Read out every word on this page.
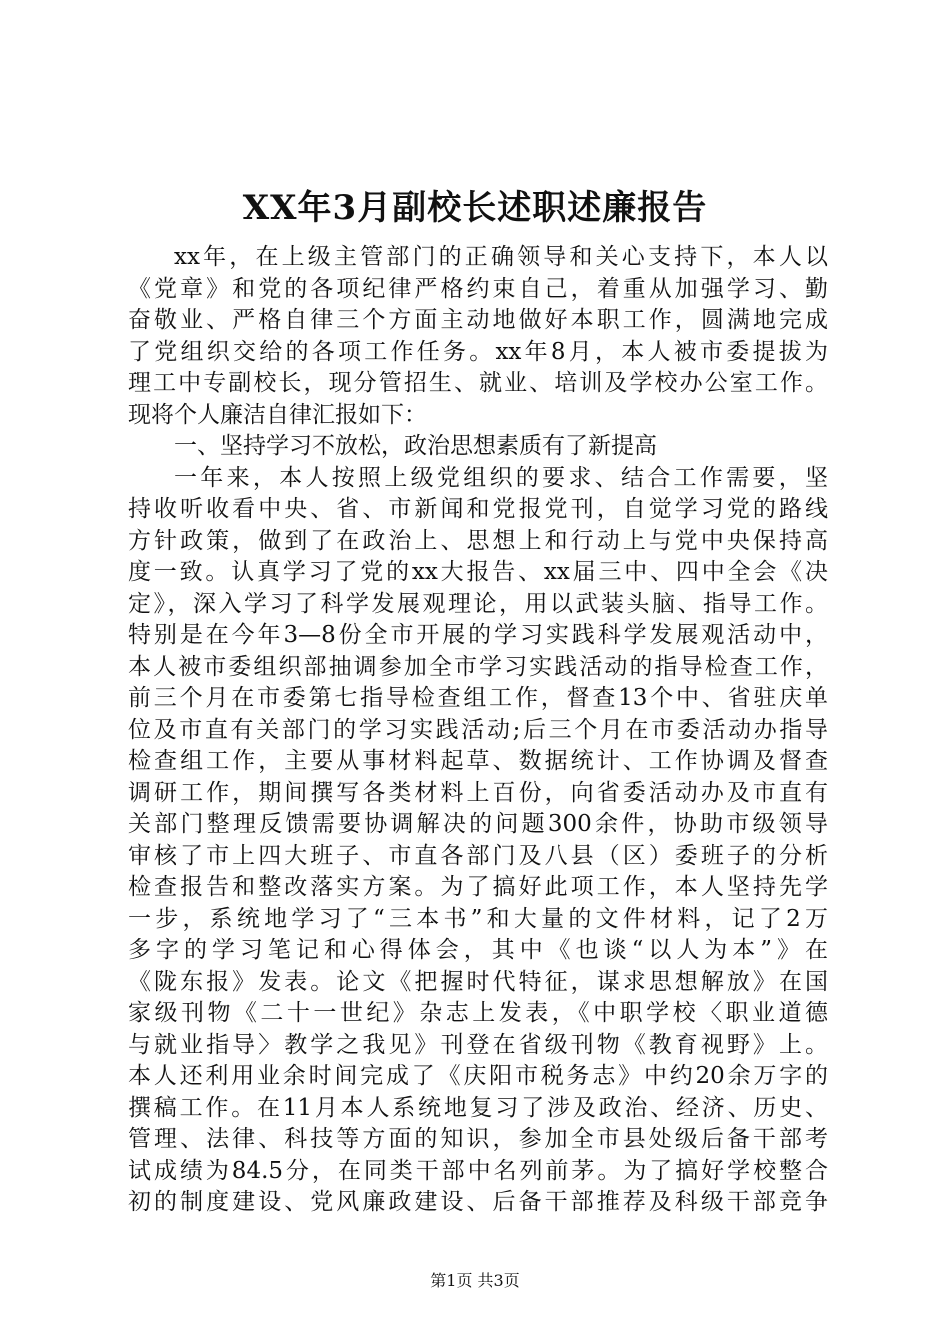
XX年3月副校长述职述廉报告
xx年，在上级主管部门的正确领导和关心支持下，本人以
《党章》和党的各项纪律严格约束自己，着重从加强学习、勤
奋敬业、严格自律三个方面主动地做好本职工作，圆满地完成
了党组织交给的各项工作任务。xx年8月，本人被市委提拔为
理工中专副校长，现分管招生、就业、培训及学校办公室工作。
现将个人廉洁自律汇报如下：
一、坚持学习不放松，政治思想素质有了新提高
一年来，本人按照上级党组织的要求、结合工作需要，坚
持收听收看中央、省、市新闻和党报党刊，自觉学习党的路线
方针政策，做到了在政治上、思想上和行动上与党中央保持高
度一致。认真学习了党的xx大报告、xx届三中、四中全会《决
定》，深入学习了科学发展观理论，用以武装头脑、指导工作。
特别是在今年3—8份全市开展的学习实践科学发展观活动中，
本人被市委组织部抽调参加全市学习实践活动的指导检查工作，
前三个月在市委第七指导检查组工作，督查13个中、省驻庆单
位及市直有关部门的学习实践活动;后三个月在市委活动办指导
检查组工作，主要从事材料起草、数据统计、工作协调及督查
调研工作，期间撰写各类材料上百份，向省委活动办及市直有
关部门整理反馈需要协调解决的问题300余件，协助市级领导
审核了市上四大班子、市直各部门及八县（区）委班子的分析
检查报告和整改落实方案。为了搞好此项工作，本人坚持先学
一步，系统地学习了“三本书”和大量的文件材料，记了2万
多字的学习笔记和心得体会，其中《也谈“以人为本”》在
《陇东报》发表。论文《把握时代特征，谋求思想解放》在国
家级刊物《二十一世纪》杂志上发表，《中职学校〈职业道德
与就业指导〉教学之我见》刊登在省级刊物《教育视野》上。
本人还利用业余时间完成了《庆阳市税务志》中约20余万字的
撰稿工作。在11月本人系统地复习了涉及政治、经济、历史、
管理、法律、科技等方面的知识，参加全市县处级后备干部考
试成绩为84.5分，在同类干部中名列前茅。为了搞好学校整合
初的制度建设、党风廉政建设、后备干部推荐及科级干部竞争
第1页 共3页
